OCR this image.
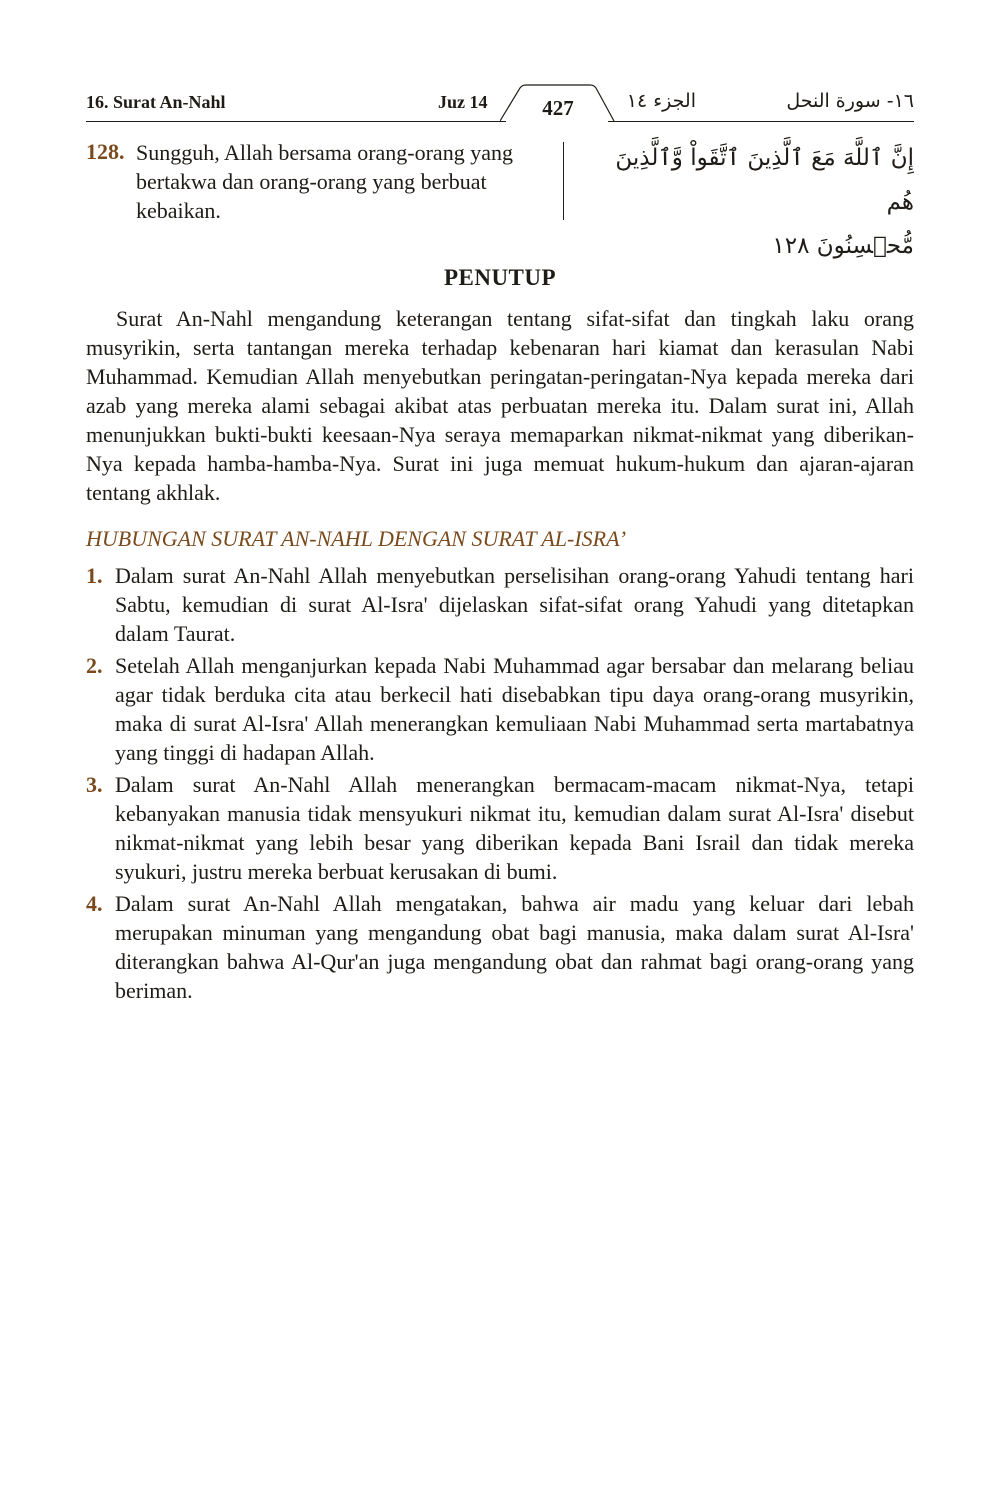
16. Surat An-Nahl	Juz 14	427	الجزء ١٤	١٦- سورة النحل
128. Sungguh, Allah bersama orang-orang yang bertakwa dan orang-orang yang berbuat kebaikan.
إِنَّ ٱللَّهَ مَعَ ٱلَّذِينَ ٱتَّقَواْ وَّٱلَّذِينَ هُم
مُّحۡسِنُونَ ١٢٨
PENUTUP

Surat An-Nahl mengandung keterangan tentang sifat-sifat dan tingkah laku orang musyrikin, serta tantangan mereka terhadap kebenaran hari kiamat dan kerasulan Nabi Muhammad. Kemudian Allah menyebutkan peringatan-peringatan-Nya kepada mereka dari azab yang mereka alami sebagai akibat atas perbuatan mereka itu. Dalam surat ini, Allah menunjukkan bukti-bukti keesaan-Nya seraya memaparkan nikmat-nikmat yang diberikan-Nya kepada hamba-hamba-Nya. Surat ini juga memuat hukum-hukum dan ajaran-ajaran tentang akhlak.

HUBUNGAN SURAT AN-NAHL DENGAN SURAT AL-ISRA’
1. Dalam surat An-Nahl Allah menyebutkan perselisihan orang-orang Yahudi tentang hari Sabtu, kemudian di surat Al-Isra' dijelaskan sifat-sifat orang Yahudi yang ditetapkan dalam Taurat.
2. Setelah Allah menganjurkan kepada Nabi Muhammad agar bersabar dan melarang beliau agar tidak berduka cita atau berkecil hati disebabkan tipu daya orang-orang musyrikin, maka di surat Al-Isra' Allah menerangkan kemuliaan Nabi Muhammad serta martabatnya yang tinggi di hadapan Allah.
3. Dalam surat An-Nahl Allah menerangkan bermacam-macam nikmat-Nya, tetapi kebanyakan manusia tidak mensyukuri nikmat itu, kemudian dalam surat Al-Isra' disebut nikmat-nikmat yang lebih besar yang diberikan kepada Bani Israil dan tidak mereka syukuri, justru mereka berbuat kerusakan di bumi.
4. Dalam surat An-Nahl Allah mengatakan, bahwa air madu yang keluar dari lebah merupakan minuman yang mengandung obat bagi manusia, maka dalam surat Al-Isra' diterangkan bahwa Al-Qur'an juga mengandung obat dan rahmat bagi orang-orang yang beriman.
